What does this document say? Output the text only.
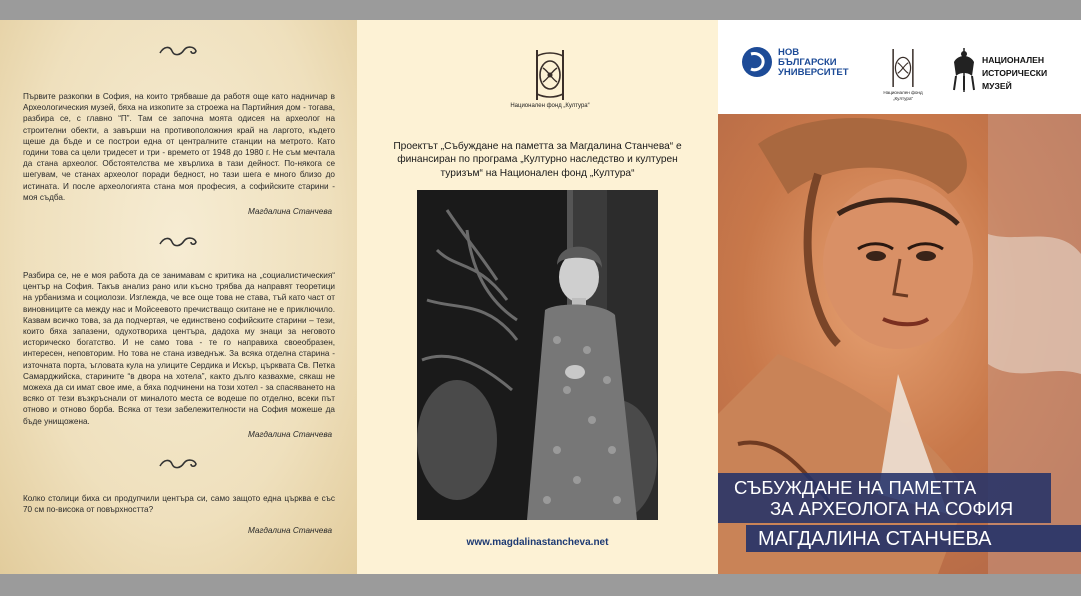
Първите разкопки в София, на които трябваше да работя още като надничар в Археологическия музей, бяха на изкопите за строежа на Партийния дом - тогава, разбира се, с главно “П”. Там се започна моята одисея на археолог на строителни обекти, а завърши на противоположния край на ларгото, където щеше да бъде и се построи една от централните станции на метрото. Като години това са цели тридесет и три - времето от 1948 до 1980 г. Не съм мечтала да стана археолог. Обстоятелства ме хвърлиха в тази дейност. По-някога се шегувам, че станах археолог поради бедност, но тази шега е много близо до истината. И после археологията стана моя професия, а софийските старини - моя съдба.

Магдалина Станчева

Разбира се, не е моя работа да се занимавам с критика на „социалистическия“ център на София. Такъв анализ рано или късно трябва да направят теоретици на урбанизма и социолози. Изглежда, че все още това не става, тъй като част от виновниците са между нас и Мойсеевото пречистващо скитане не е приключило. Казвам всичко това, за да подчертая, че единствено софийските старини – тези, които бяха запазени, одухотвориха центъра, дадоха му знаци за неговото историческо богатство. И не само това - те го направиха своеобразен, интересен, неповторим. Но това не стана изведнъж. За всяка отделна старина - източната порта, ъгловата кула на улиците Сердика и Искър, църквата Св. Петка Самарджийска, старините “в двора на хотела”, както дълго казвахме, сякаш не можеха да си имат свое име, а бяха подчинени на този хотел - за спасяването на всяко от тези възкръснали от миналото места се водеше по отделно, всеки път отново и отново борба. Всяка от тези забележителности на София можеше да бъде унищожена.

Магдалина Станчева

Колко столици биха си продупчили центъра си, само защото една църква е със 70 см по-висока от повърхността?

Магдалина Станчева
Национален фонд „Култура“

Проектът „Събуждане на паметта за Магдалина Станчева“ е финансиран по програма „Културно наследство и културен туризъм“ на Национален фонд „Култура“

www.magdalinastancheva.net
НОВ
БЪЛГАРСКИ
УНИВЕРСИТЕТ
Национален фонд „Култура“
НАЦИОНАЛЕН
ИСТОРИЧЕСКИ
МУЗЕЙ
СЪБУЖДАНЕ НА ПАМЕТТА
ЗА АРХЕОЛОГА НА СОФИЯ
МАГДАЛИНА СТАНЧЕВА
